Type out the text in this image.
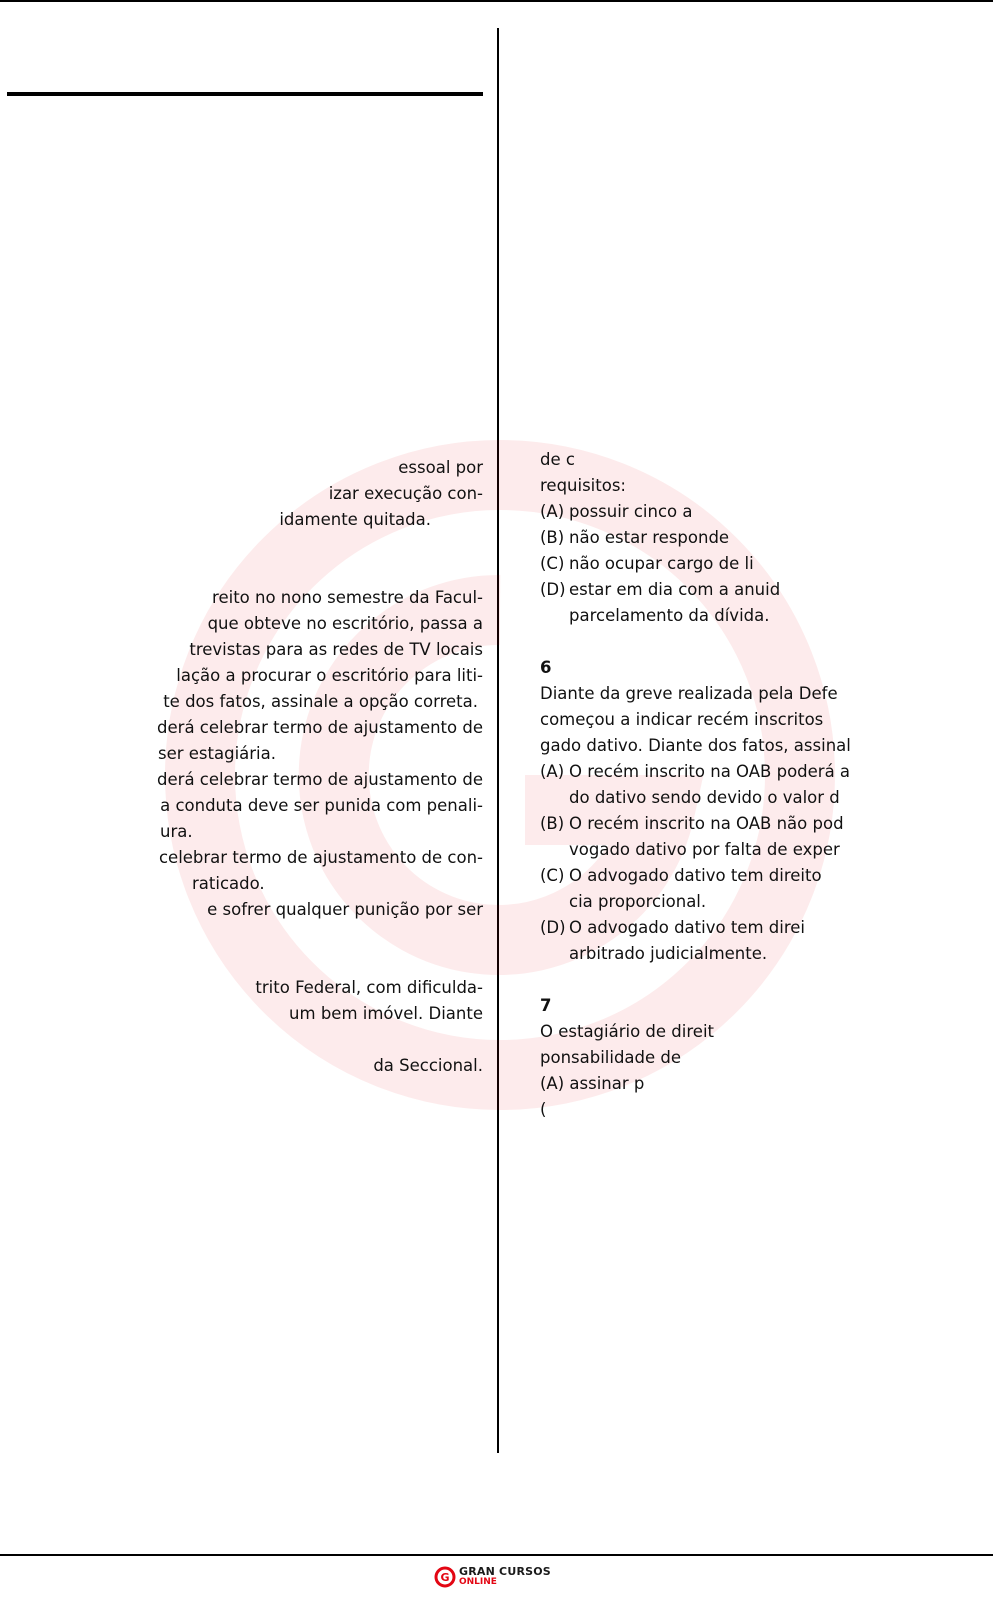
essoal por
izar execução con-
idamente quitada.
reito no nono semestre da Facul-
que obteve no escritório, passa a
trevistas para as redes de TV locais
lação a procurar o escritório para liti-
te dos fatos, assinale a opção correta.
derá celebrar termo de ajustamento de
ser estagiária.
derá celebrar termo de ajustamento de
a conduta deve ser punida com penali-
ura.
celebrar termo de ajustamento de con-
raticado.
e sofrer qualquer punição por ser
trito Federal, com dificulda-
um bem imóvel. Diante
da Seccional.
de c
requisitos:
(A) possuir cinco a
(B) não estar responde
(C) não ocupar cargo de li
(D) estar em dia com a anuid
parcelamento da dívida.
6
Diante da greve realizada pela Defe
começou a indicar recém inscritos
gado dativo. Diante dos fatos, assinal
(A) O recém inscrito na OAB poderá a
do dativo sendo devido o valor d
(B) O recém inscrito na OAB não pod
vogado dativo por falta de exper
(C) O advogado dativo tem direito
cia proporcional.
(D) O advogado dativo tem direi
arbitrado judicialmente.
7
O estagiário de direit
ponsabilidade de
(A) assinar p
(
G GRAN CURSOS
ONLINE
